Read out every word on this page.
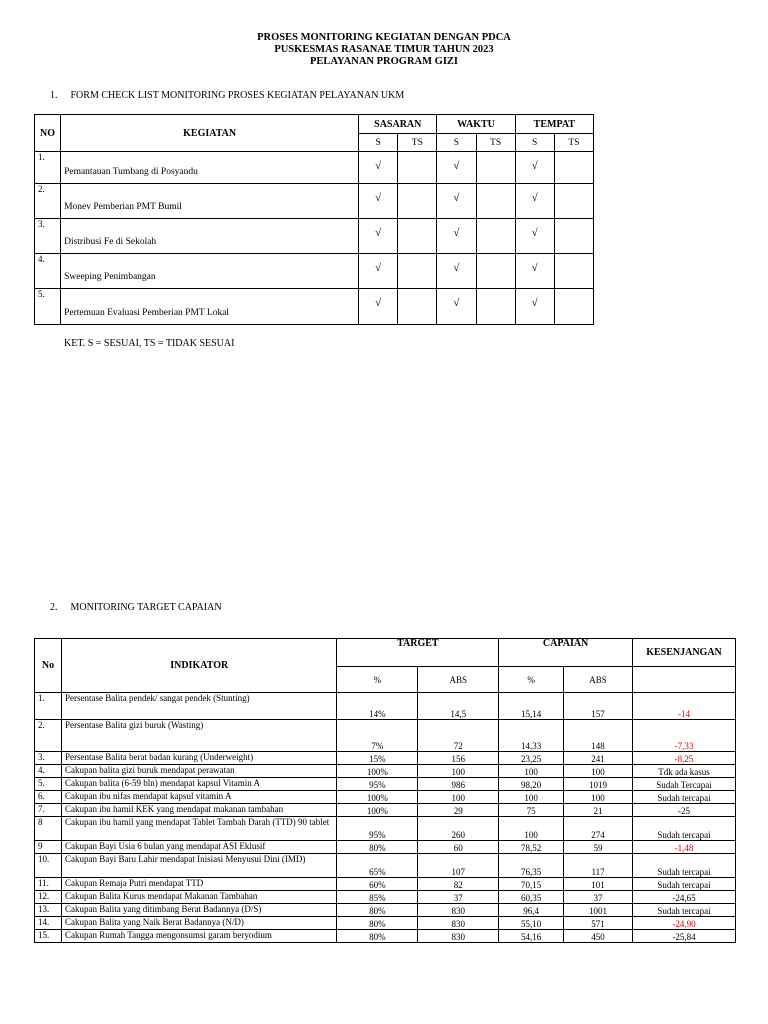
PROSES MONITORING KEGIATAN DENGAN PDCA
PUSKESMAS RASANAE TIMUR TAHUN 2023
PELAYANAN PROGRAM GIZI
1. FORM CHECK LIST MONITORING PROSES KEGIATAN PELAYANAN UKM
NO	KEGIATAN	SASARAN		WAKTU		TEMPAT	
		S	TS	S	TS	S	TS
1.	Pemantauan Tumbang di Posyandu	√		√		√	
2.	Monev Pemberian PMT Bumil	√		√		√	
3.	Distribusi Fe di Sekolah	√		√		√	
4.	Sweeping Penimbangan	√		√		√	
5.	Pertemuan Evaluasi Pemberian PMT Lokal	√		√		√	
KET. S = SESUAI, TS = TIDAK SESUAI
2. MONITORING TARGET CAPAIAN
No	INDIKATOR	TARGET		CAPAIAN		KESENJANGAN
		%	ABS	%	ABS	
1.	Persentase Balita pendek/ sangat pendek (Stunting)	14%	14,5	15,14	157	-14
2.	Persentase Balita gizi buruk (Wasting)	7%	72	14,33	148	-7,33
3.	Persentase Balita berat badan kurang (Underweight)	15%	156	23,25	241	-8,25
4.	Cakupan balita gizi buruk mendapat perawatan	100%	100	100	100	Tdk ada kasus
5.	Cakupan balita (6-59 bln) mendapat kapsul Vitamin A	95%	986	98,20	1019	Sudah Tercapai
6.	Cakupan ibu nifas mendapat kapsul vitamin A	100%	100	100	100	Sudah tercapai
7.	Cakupan ibu hamil KEK yang mendapat makanan tambahan	100%	29	75	21	-25
8	Cakupan ibu hamil yang mendapat Tablet Tambah Darah (TTD) 90 tablet	95%	260	100	274	Sudah tercapai
9	Cakupan Bayi Usia 6 bulan yang mendapat ASI Eklusif	80%	60	78,52	59	-1,48
10.	Cakupan Bayi Baru Lahir mendapat Inisiasi Menyusui Dini (IMD)	65%	107	76,35	117	Sudah tercapai
11.	Cakupan Remaja Putri mendapat TTD	60%	82	70,15	101	Sudah tercapai
12.	Cakupan Balita Kurus mendapat Makanan Tambahan	85%	37	60,35	37	-24,65
13.	Cakupan Balita yang ditimbang Berat Badannya (D/S)	80%	830	96,4	1001	Sudah tercapai
14.	Cakupan Balita yang Naik Berat Badannya (N/D)	80%	830	55,10	571	-24,90
15.	Cakupan Rumah Tangga mengonsumsi garam beryodium	80%	830	54,16	450	-25,84
